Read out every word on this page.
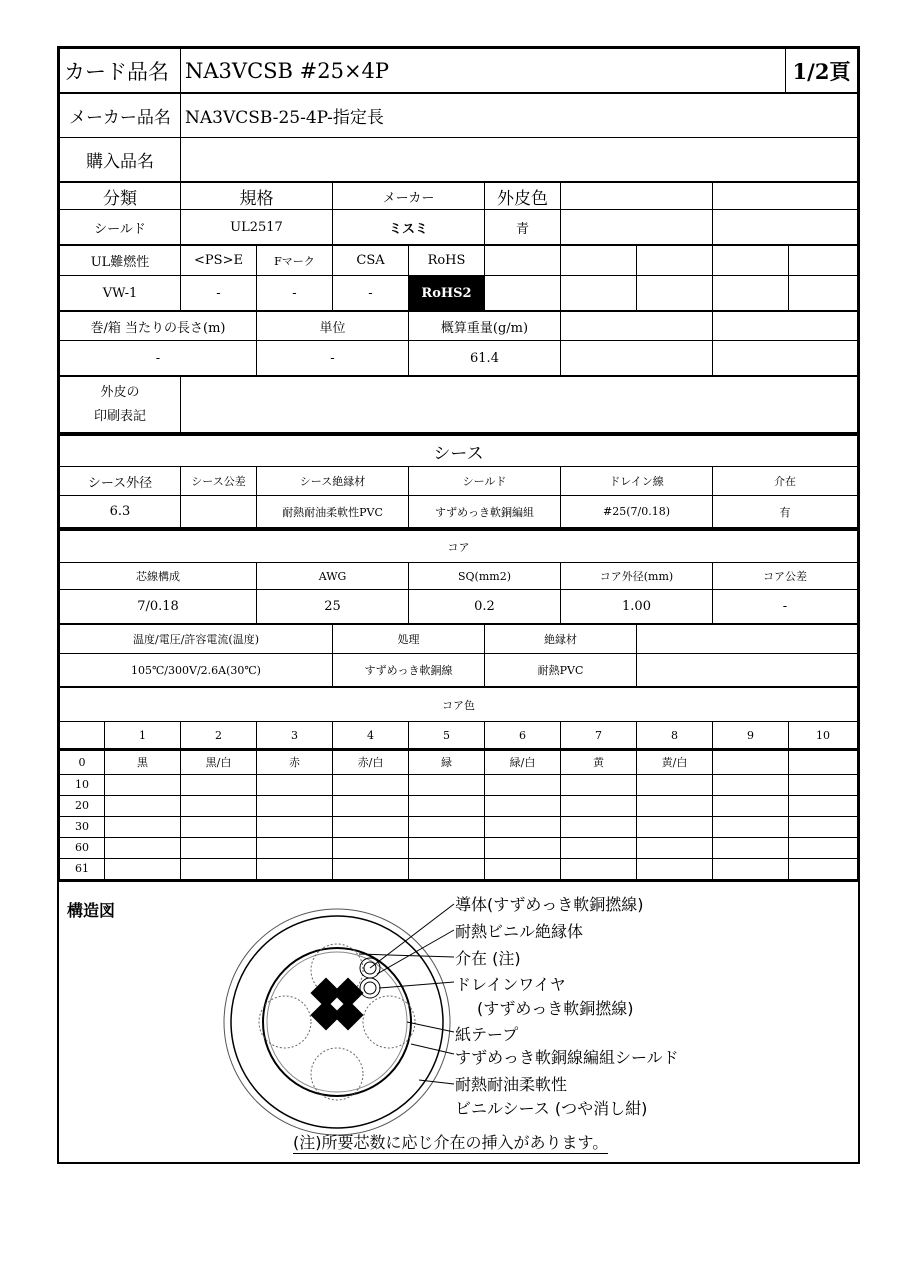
カード品名	NA3VCSB #25×4P	1/2頁
メーカー品名	NA3VCSB-25-4P-指定長
購入品名	
分類	規格	メーカー	外皮色		
シールド	UL2517	ミスミ	青		
UL難燃性	<PS>E	Fマーク	CSA	RoHS					
VW-1	-	-	-	RoHS2					
巻/箱 当たりの長さ(m)	単位	概算重量(g/m)		
-	-	61.4		
外皮の
印刷表記

シース					
シース外径	シース公差	シース絶縁材	シールド	ドレイン線	介在
6.3		耐熱耐油柔軟性PVC	すずめっき軟銅編組	#25(7/0.18)	有
コア				
芯線構成	AWG	SQ(mm2)	コア外径(mm)	コア公差
7/0.18	25	0.2	1.00	-
温度/電圧/許容電流(温度)	処理	絶縁材	
105℃/300V/2.6A(30℃)	すずめっき軟銅線	耐熱PVC	
コア色
	1	2	3	4	5	6	7	8	9	10
0	黒	黒/白	赤	赤/白	緑	緑/白	黄	黄/白		
10										
20										
30										
60										
61										
構造図	導体(すずめっき軟銅撚線)
耐熱ビニル絶縁体
介在 (注)
ドレインワイヤ
(すずめっき軟銅撚線)
紙テープ
すずめっき軟銅線編組シールド
耐熱耐油柔軟性
ビニルシース (つや消し紺)
(注)所要芯数に応じ介在の挿入があります。
